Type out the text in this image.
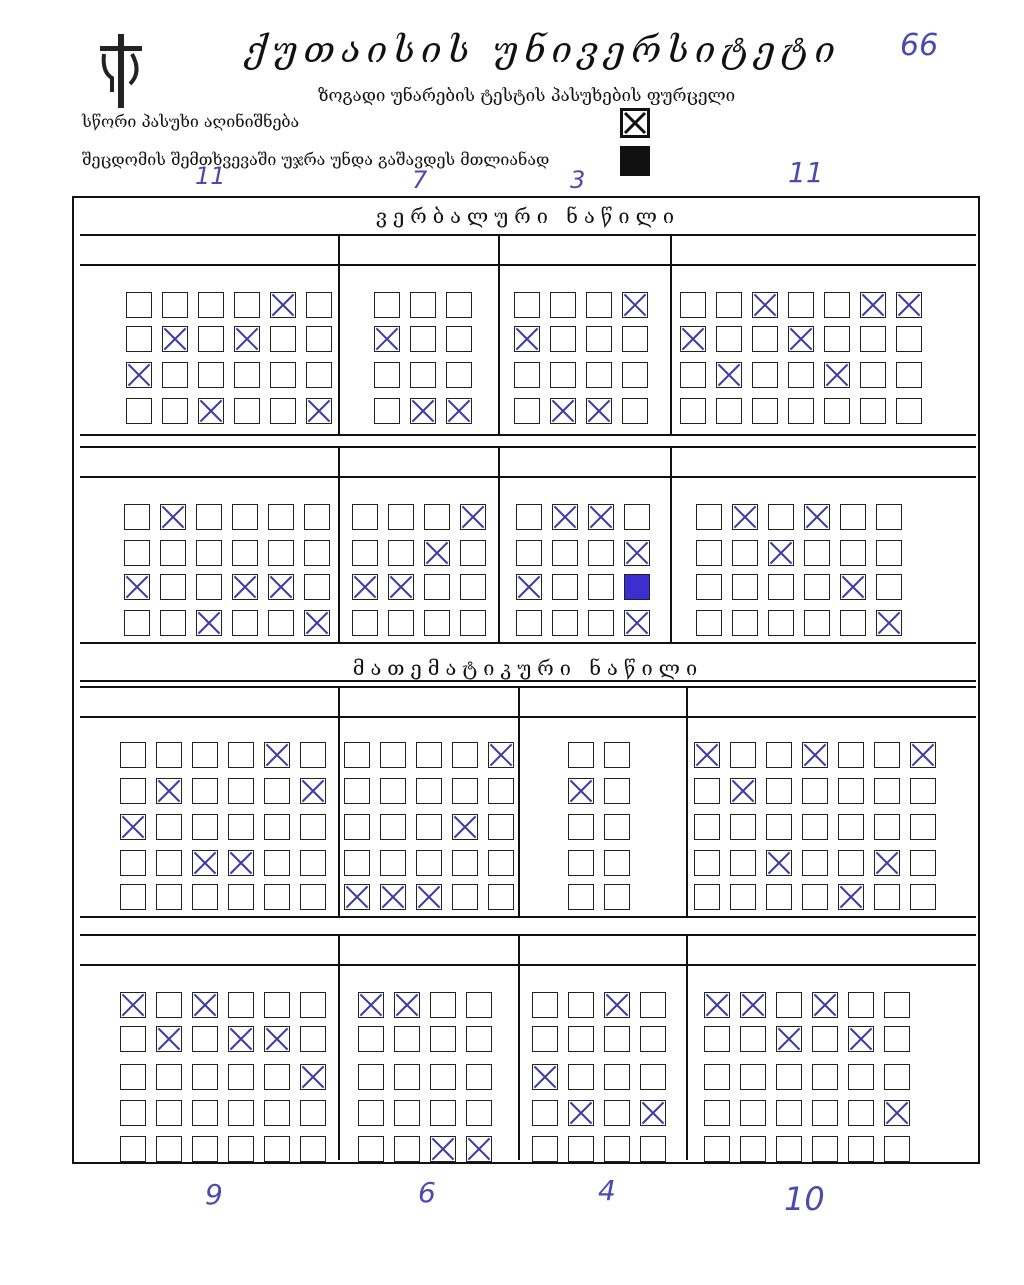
ქუთაისის უნივერსიტეტი 66
ზოგადი უნარების ტესტის პასუხების ფურცელი
სწორი პასუხი აღინიშნება
შეცდომის შემთხვევაში უჯრა უნდა გაშავდეს მთლიანად
11	7	3	11
ვერბალური ნაწილი
მათემატიკური ნაწილი
9	6	4	10
